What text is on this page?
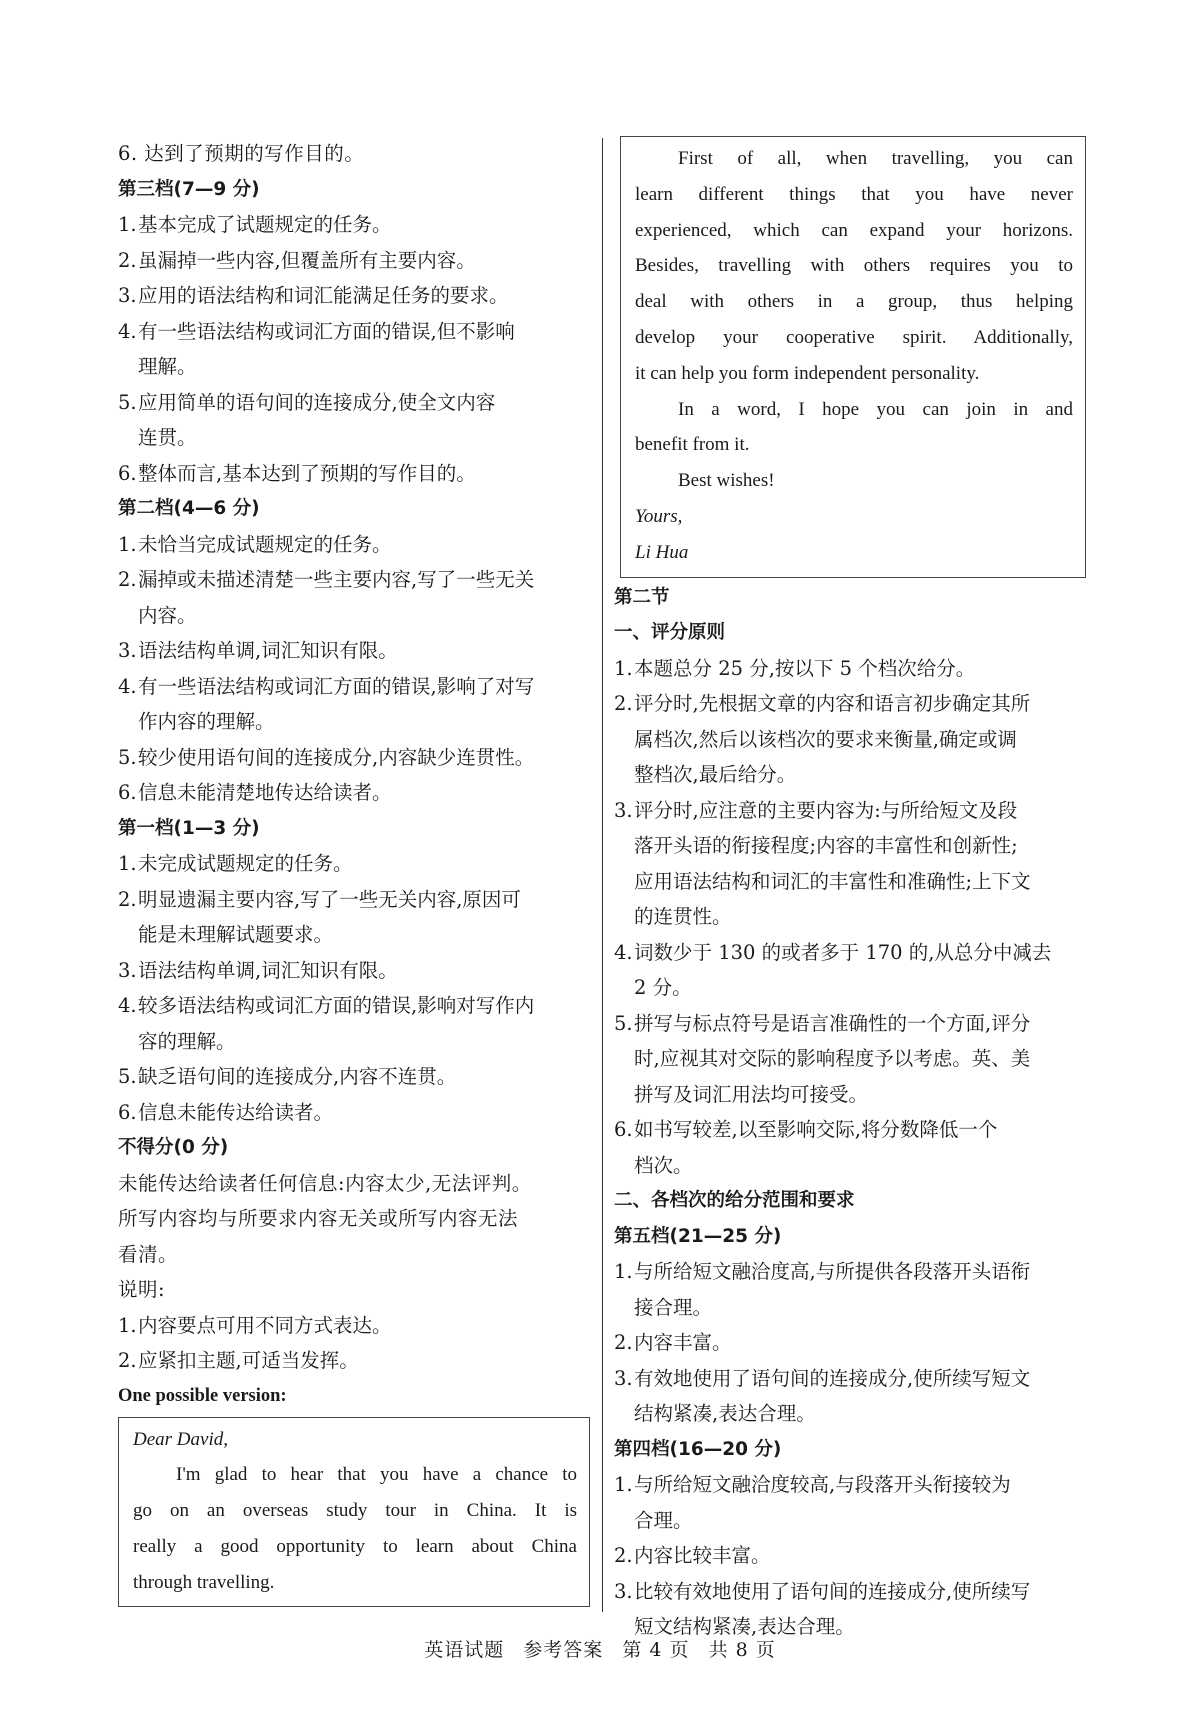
6. 达到了预期的写作目的。
第三档(7—9 分)
1. 基本完成了试题规定的任务。
2. 虽漏掉一些内容,但覆盖所有主要内容。
3. 应用的语法结构和词汇能满足任务的要求。
4. 有一些语法结构或词汇方面的错误,但不影响
理解。
5. 应用简单的语句间的连接成分,使全文内容
连贯。
6. 整体而言,基本达到了预期的写作目的。
第二档(4—6 分)
1. 未恰当完成试题规定的任务。
2. 漏掉或未描述清楚一些主要内容,写了一些无关
内容。
3. 语法结构单调,词汇知识有限。
4. 有一些语法结构或词汇方面的错误,影响了对写
作内容的理解。
5. 较少使用语句间的连接成分,内容缺少连贯性。
6. 信息未能清楚地传达给读者。
第一档(1—3 分)
1. 未完成试题规定的任务。
2. 明显遗漏主要内容,写了一些无关内容,原因可
能是未理解试题要求。
3. 语法结构单调,词汇知识有限。
4. 较多语法结构或词汇方面的错误,影响对写作内
容的理解。
5. 缺乏语句间的连接成分,内容不连贯。
6. 信息未能传达给读者。
不得分(0 分)
未能传达给读者任何信息:内容太少,无法评判。
所写内容均与所要求内容无关或所写内容无法
看清。
说明:
1. 内容要点可用不同方式表达。
2. 应紧扣主题,可适当发挥。
One possible version:
Dear David,
I'm glad to hear that you have a chance to
go on an overseas study tour in China. It is
really a good opportunity to learn about China
through travelling.
First of all, when travelling, you can
learn different things that you have never
experienced, which can expand your horizons.
Besides, travelling with others requires you to
deal with others in a group, thus helping
develop your cooperative spirit. Additionally,
it can help you form independent personality.
In a word, I hope you can join in and
benefit from it.
Best wishes!
Yours,
Li Hua
第二节
一、评分原则
1. 本题总分 25 分,按以下 5 个档次给分。
2. 评分时,先根据文章的内容和语言初步确定其所
属档次,然后以该档次的要求来衡量,确定或调
整档次,最后给分。
3. 评分时,应注意的主要内容为:与所给短文及段
落开头语的衔接程度;内容的丰富性和创新性;
应用语法结构和词汇的丰富性和准确性;上下文
的连贯性。
4. 词数少于 130 的或者多于 170 的,从总分中减去
2 分。
5. 拼写与标点符号是语言准确性的一个方面,评分
时,应视其对交际的影响程度予以考虑。英、美
拼写及词汇用法均可接受。
6. 如书写较差,以至影响交际,将分数降低一个
档次。
二、各档次的给分范围和要求
第五档(21—25 分)
1. 与所给短文融洽度高,与所提供各段落开头语衔
接合理。
2. 内容丰富。
3. 有效地使用了语句间的连接成分,使所续写短文
结构紧凑,表达合理。
第四档(16—20 分)
1. 与所给短文融洽度较高,与段落开头衔接较为
合理。
2. 内容比较丰富。
3. 比较有效地使用了语句间的连接成分,使所续写
短文结构紧凑,表达合理。
英语试题 参考答案 第 4 页 共 8 页
